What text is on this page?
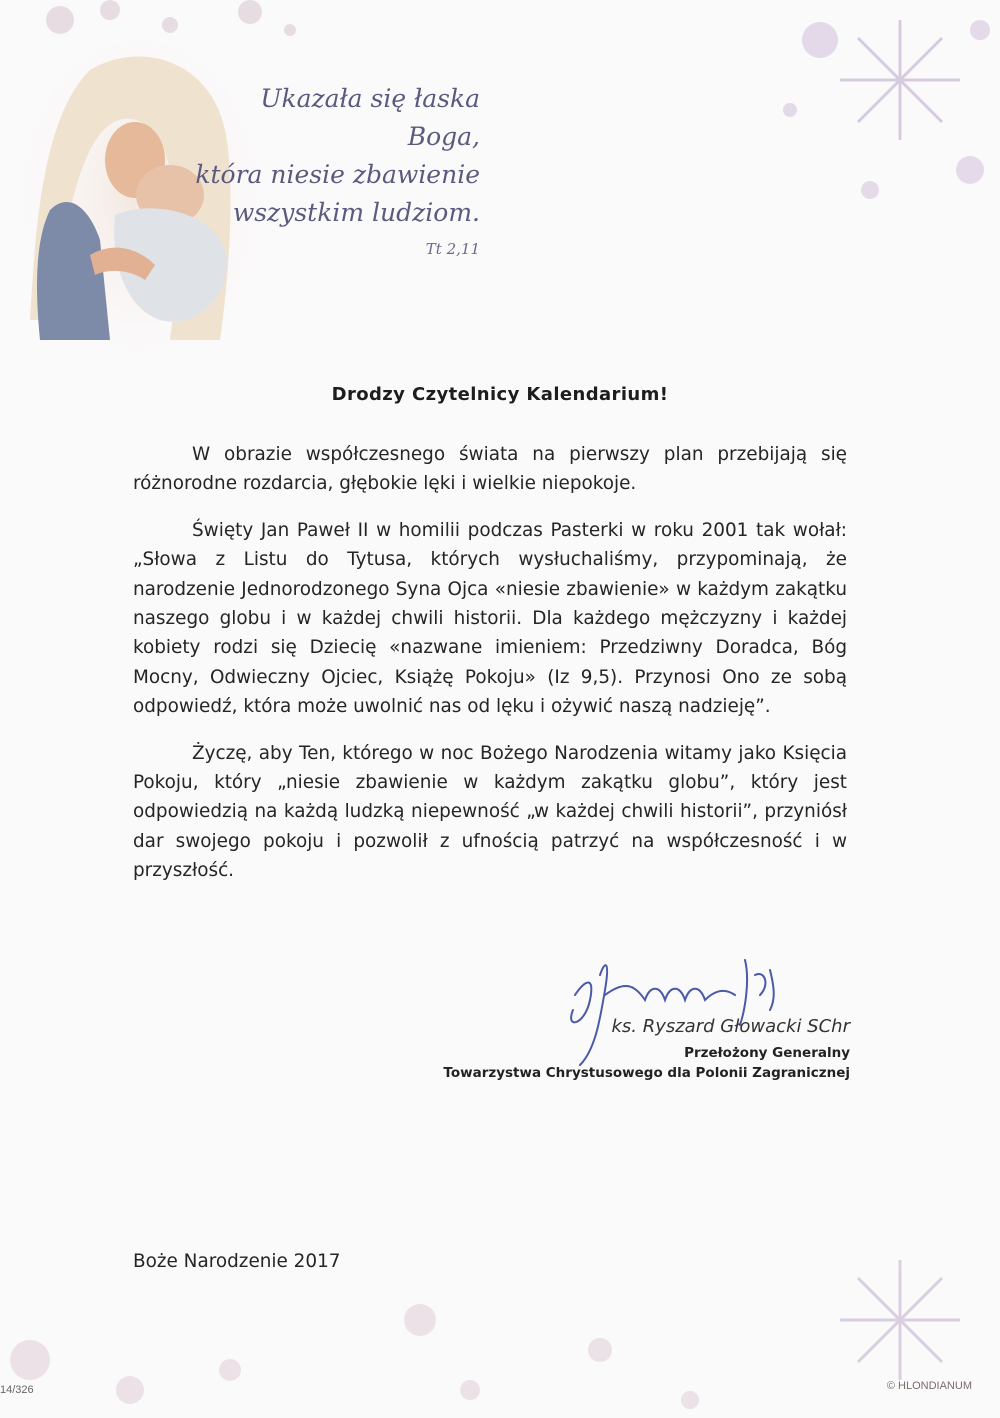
Ukazała się łaska Boga,
która niesie zbawienie
wszystkim ludziom.
Tt 2,11
Drodzy Czytelnicy Kalendarium!

W obrazie współczesnego świata na pierwszy plan przebijają się różnorodne rozdarcia, głębokie lęki i wielkie niepokoje.

Święty Jan Paweł II w homilii podczas Pasterki w roku 2001 tak wołał: „Słowa z Listu do Tytusa, których wysłuchaliśmy, przypominają, że narodzenie Jednorodzonego Syna Ojca «niesie zbawienie» w każdym zakątku naszego globu i w każdej chwili historii. Dla każdego mężczyzny i każdej kobiety rodzi się Dziecię «nazwane imieniem: Przedziwny Doradca, Bóg Mocny, Odwieczny Ojciec, Książę Pokoju» (Iz 9,5). Przynosi Ono ze sobą odpowiedź, która może uwolnić nas od lęku i ożywić naszą nadzieję”.

Życzę, aby Ten, którego w noc Bożego Narodzenia witamy jako Księcia Pokoju, który „niesie zbawienie w każdym zakątku globu”, który jest odpowiedzią na każdą ludzką niepewność „w każdej chwili historii”, przyniósł dar swojego pokoju i pozwolił z ufnością patrzyć na współczesność i w przyszłość.

ks. Ryszard Głowacki SChr
Przełożony Generalny
Towarzystwa Chrystusowego dla Polonii Zagranicznej
Boże Narodzenie 2017
14/326	© HLONDIANUM
